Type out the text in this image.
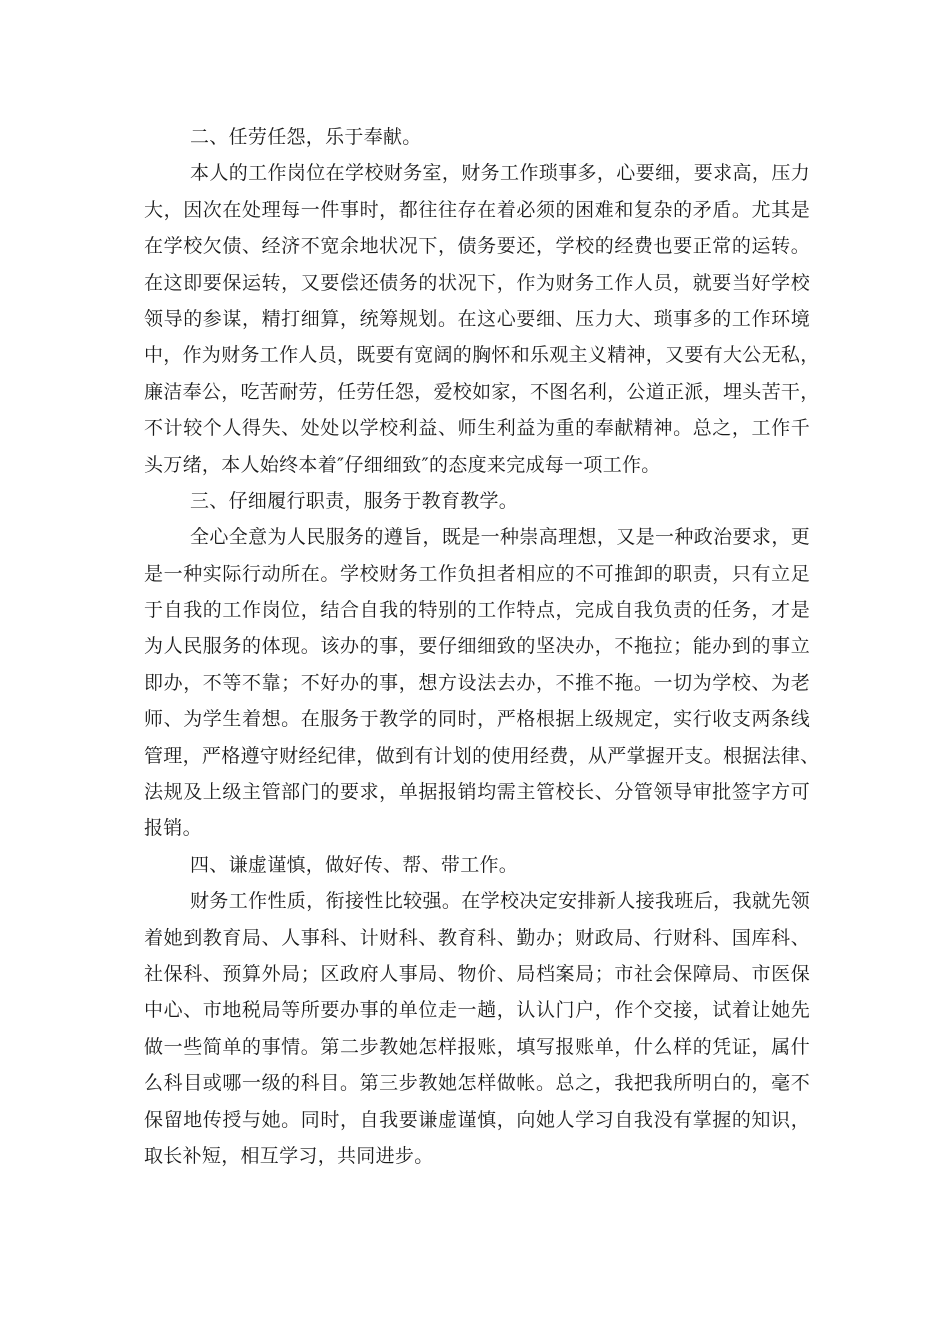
二、任劳任怨，乐于奉献。
本人的工作岗位在学校财务室，财务工作琐事多，心要细，要求高，压力
大，因次在处理每一件事时，都往往存在着必须的困难和复杂的矛盾。尤其是
在学校欠债、经济不宽余地状况下，债务要还，学校的经费也要正常的运转。
在这即要保运转，又要偿还债务的状况下，作为财务工作人员，就要当好学校
领导的参谋，精打细算，统筹规划。在这心要细、压力大、琐事多的工作环境
中，作为财务工作人员，既要有宽阔的胸怀和乐观主义精神，又要有大公无私，
廉洁奉公，吃苦耐劳，任劳任怨，爱校如家，不图名利，公道正派，埋头苦干，
不计较个人得失、处处以学校利益、师生利益为重的奉献精神。总之，工作千
头万绪，本人始终本着″仔细细致″的态度来完成每一项工作。
三、仔细履行职责，服务于教育教学。
全心全意为人民服务的遵旨，既是一种崇高理想，又是一种政治要求，更
是一种实际行动所在。学校财务工作负担者相应的不可推卸的职责，只有立足
于自我的工作岗位，结合自我的特别的工作特点，完成自我负责的任务，才是
为人民服务的体现。该办的事，要仔细细致的坚决办，不拖拉；能办到的事立
即办，不等不靠；不好办的事，想方设法去办，不推不拖。一切为学校、为老
师、为学生着想。在服务于教学的同时，严格根据上级规定，实行收支两条线
管理，严格遵守财经纪律，做到有计划的使用经费，从严掌握开支。根据法律、
法规及上级主管部门的要求，单据报销均需主管校长、分管领导审批签字方可
报销。
四、谦虚谨慎，做好传、帮、带工作。
财务工作性质，衔接性比较强。在学校决定安排新人接我班后，我就先领
着她到教育局、人事科、计财科、教育科、勤办；财政局、行财科、国库科、
社保科、预算外局；区政府人事局、物价、局档案局；市社会保障局、市医保
中心、市地税局等所要办事的单位走一趟，认认门户，作个交接，试着让她先
做一些简单的事情。第二步教她怎样报账，填写报账单，什么样的凭证，属什
么科目或哪一级的科目。第三步教她怎样做帐。总之，我把我所明白的，毫不
保留地传授与她。同时，自我要谦虚谨慎，向她人学习自我没有掌握的知识，
取长补短，相互学习，共同进步。
